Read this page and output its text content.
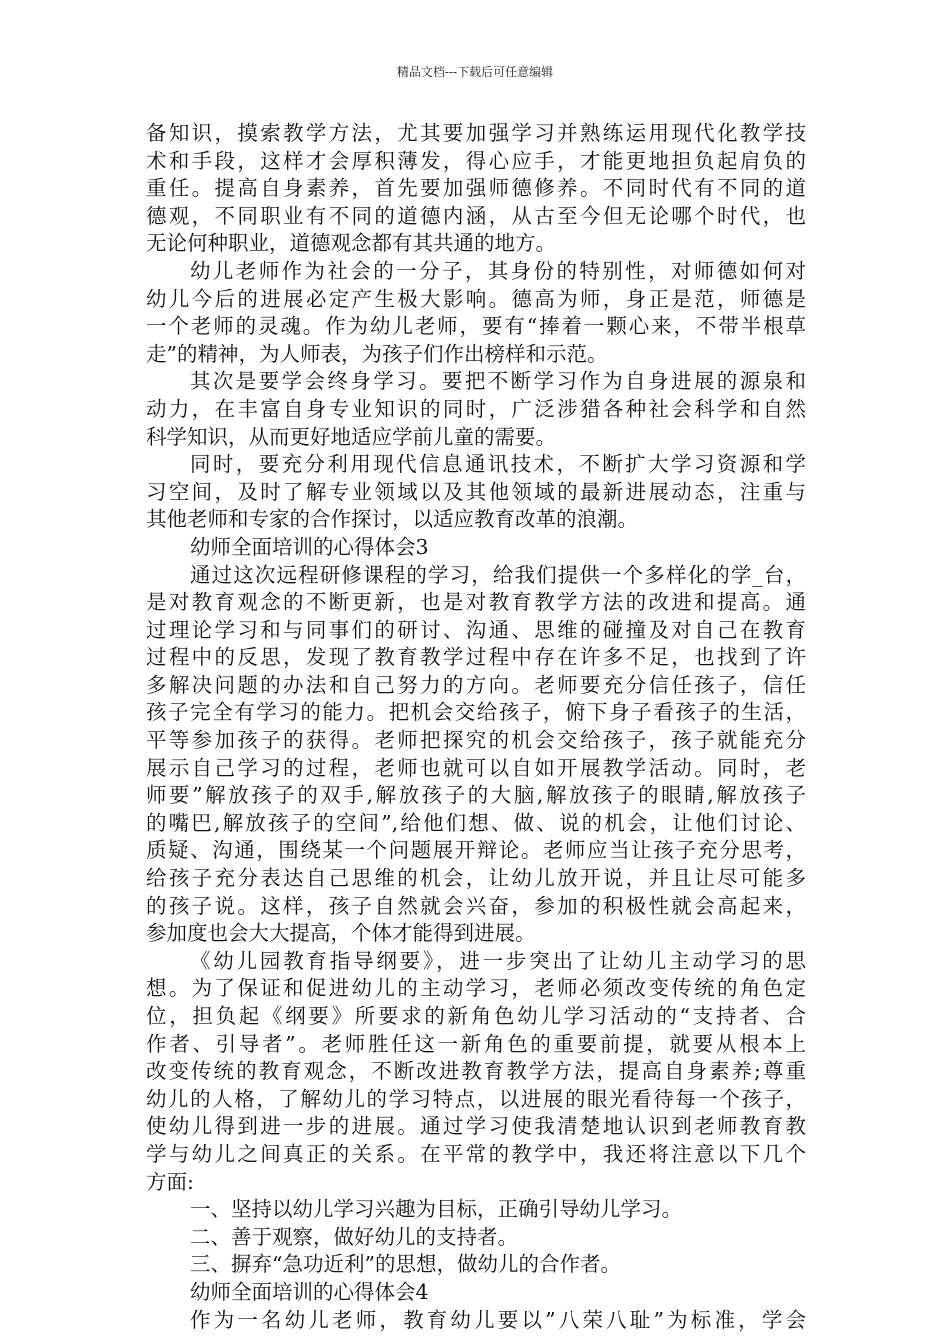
精品文档---下载后可任意编辑
备知识，摸索教学方法，尤其要加强学习并熟练运用现代化教学技
术和手段，这样才会厚积薄发，得心应手，才能更地担负起肩负的
重任。提高自身素养，首先要加强师德修养。不同时代有不同的道
德观，不同职业有不同的道德内涵，从古至今但无论哪个时代，也
无论何种职业，道德观念都有其共通的地方。
幼儿老师作为社会的一分子，其身份的特别性，对师德如何对
幼儿今后的进展必定产生极大影响。德高为师，身正是范，师德是
一个老师的灵魂。作为幼儿老师，要有“捧着一颗心来，不带半根草
走”的精神，为人师表，为孩子们作出榜样和示范。
其次是要学会终身学习。要把不断学习作为自身进展的源泉和
动力，在丰富自身专业知识的同时，广泛涉猎各种社会科学和自然
科学知识，从而更好地适应学前儿童的需要。
同时，要充分利用现代信息通讯技术，不断扩大学习资源和学
习空间，及时了解专业领域以及其他领域的最新进展动态，注重与
其他老师和专家的合作探讨，以适应教育改革的浪潮。
幼师全面培训的心得体会3
通过这次远程研修课程的学习，给我们提供一个多样化的学_台，
是对教育观念的不断更新，也是对教育教学方法的改进和提高。通
过理论学习和与同事们的研讨、沟通、思维的碰撞及对自己在教育
过程中的反思，发现了教育教学过程中存在许多不足，也找到了许
多解决问题的办法和自己努力的方向。老师要充分信任孩子，信任
孩子完全有学习的能力。把机会交给孩子，俯下身子看孩子的生活，
平等参加孩子的获得。老师把探究的机会交给孩子，孩子就能充分
展示自己学习的过程，老师也就可以自如开展教学活动。同时，老
师要”解放孩子的双手,解放孩子的大脑,解放孩子的眼睛,解放孩子
的嘴巴,解放孩子的空间”,给他们想、做、说的机会，让他们讨论、
质疑、沟通，围绕某一个问题展开辩论。老师应当让孩子充分思考，
给孩子充分表达自己思维的机会，让幼儿放开说，并且让尽可能多
的孩子说。这样，孩子自然就会兴奋，参加的积极性就会高起来，
参加度也会大大提高，个体才能得到进展。
《幼儿园教育指导纲要》，进一步突出了让幼儿主动学习的思
想。为了保证和促进幼儿的主动学习，老师必须改变传统的角色定
位，担负起《纲要》所要求的新角色幼儿学习活动的“支持者、合
作者、引导者”。老师胜任这一新角色的重要前提，就要从根本上
改变传统的教育观念，不断改进教育教学方法，提高自身素养;尊重
幼儿的人格，了解幼儿的学习特点，以进展的眼光看待每一个孩子，
使幼儿得到进一步的进展。通过学习使我清楚地认识到老师教育教
学与幼儿之间真正的关系。在平常的教学中，我还将注意以下几个
方面:
一、坚持以幼儿学习兴趣为目标，正确引导幼儿学习。
二、善于观察，做好幼儿的支持者。
三、摒弃“急功近利”的思想，做幼儿的合作者。
幼师全面培训的心得体会4
作为一名幼儿老师，教育幼儿要以”八荣八耻”为标准，学会
